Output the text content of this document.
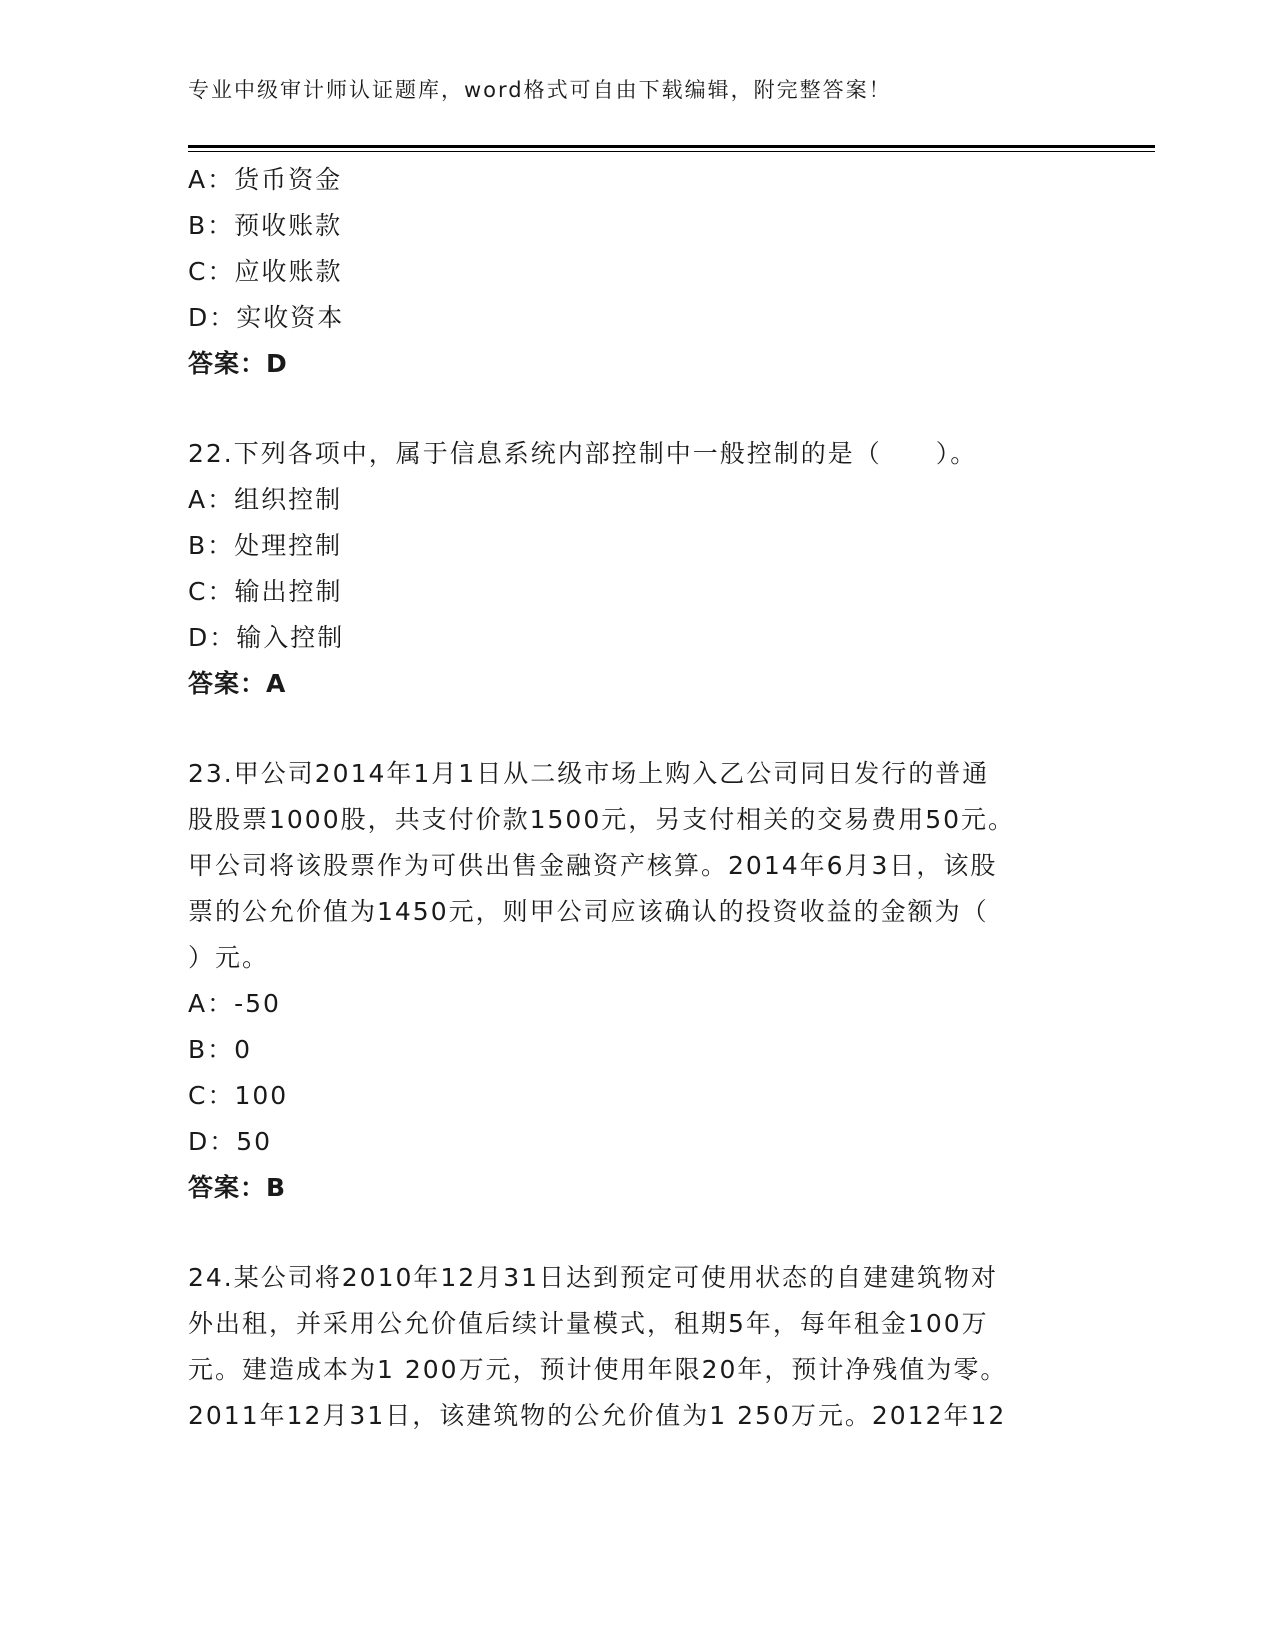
专业中级审计师认证题库，word格式可自由下载编辑，附完整答案！
A：货币资金
B：预收账款
C：应收账款
D：实收资本
答案：D
22.下列各项中，属于信息系统内部控制中一般控制的是（　　）。
A：组织控制
B：处理控制
C：输出控制
D：输入控制
答案：A
23.甲公司2014年1月1日从二级市场上购入乙公司同日发行的普通
股股票1000股，共支付价款1500元，另支付相关的交易费用50元。
甲公司将该股票作为可供出售金融资产核算。2014年6月3日，该股
票的公允价值为1450元，则甲公司应该确认的投资收益的金额为（
）元。
A：-50
B：0
C：100
D：50
答案：B
24.某公司将2010年12月31日达到预定可使用状态的自建建筑物对
外出租，并采用公允价值后续计量模式，租期5年，每年租金100万
元。建造成本为1 200万元，预计使用年限20年，预计净残值为零。
2011年12月31日，该建筑物的公允价值为1 250万元。2012年12
